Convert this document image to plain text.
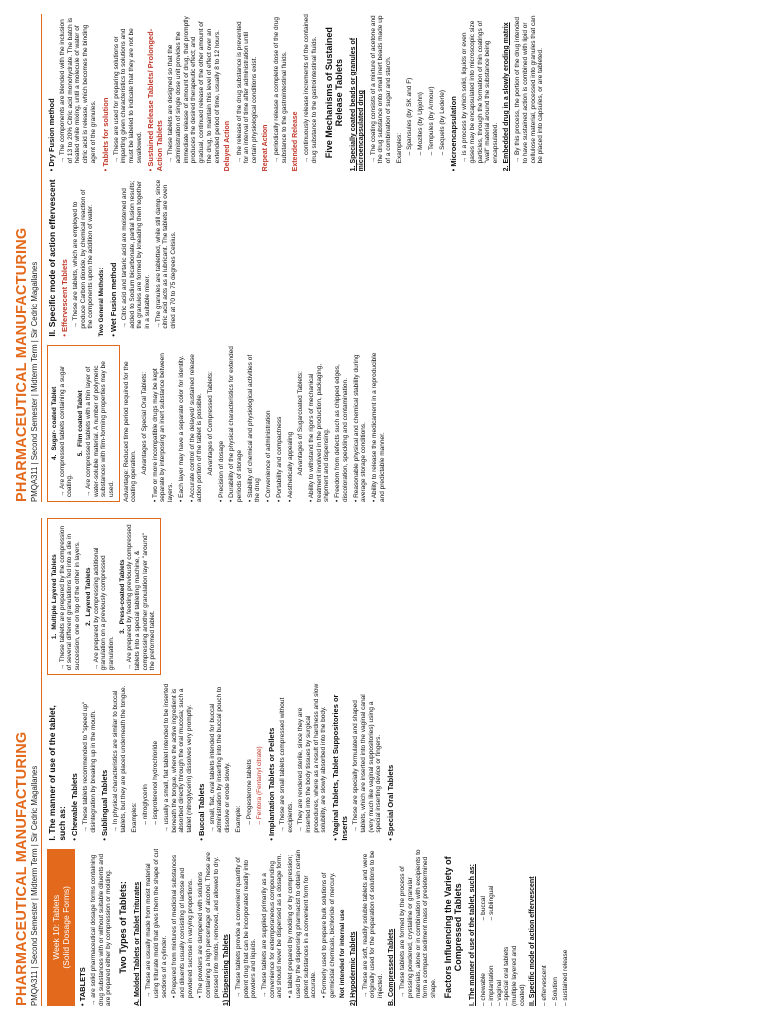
PHARMACEUTICAL MANUFACTURING PMQA311 | Second Semester | Midterm Term | Sir Cedric Magallanes	Week 10: Tablets
(Solid Dosage Forms)
• TABLETS → are solid pharmaceutical dosage forms containing drug substances with or without suitable diluents and are prepared either by compression or molding. Two Types of Tablets: A. Molded Tablets or Tablet Triturates → These are usually made from moist material using triturate mold that gives them the shape of cut sections of a cylinder. • Prepared from mixtures of medicinal substances and diluents usually consisting of lactose and powdered sucrose in varying proportions. • The powders are dampened with solutions containing a high percentage of alcohol. These are pressed into molds, removed, and allowed to dry. 1) Dispensing Tablets → These tablets provide a convenient quantity of potent drug that can be incorporated readily into powders and liquids. → These tablets are supplied primarily as a convenience for extemporaneous compounding and should never be dispensed as a dosage form. • a tablet prepared by molding or by compression; used by the dispensing pharmacist to obtain certain potent substances in a convenient form for accurate. • Formerly used to prepare bulk solutions of germicidal chemicals, bichloride of mercury. Not intended for internal use 2) Hypodermic Tablets → These are soft, readily soluble tablets and were originally used for the preparation of solutions to be injected. B. Compressed Tablets → These tablets are formed by the process of pressing powdered, crystalline or granular materials, alone or in combination with excipients to form a compact sediment mass of predetermined shape. Factors Influencing the Variety of Compressed Tablets I. The manner of use of the tablet, such as: – chewable – implantation – vaginal – special oral tablets (multiple layered and coated)
– buccal – sublingual	II. Specific mode of action effervescent – effervescent – Solution – sustained release
I. The manner of use of the tablet, such as: • Chewable Tablets → These tablets recommended to "speed up" disintegration by breaking up in the mouth. • Sublingual Tablets → In physical characteristics are similar to buccal tablets, but they are placed underneath the tongue. Examples: – nitroglycerin – isoproterenol hydrochloride → usually a small, flat tablet intended to be inserted beneath the tongue, where the active ingredient is absorbed directly through the oral mucosa; such a tablet (nitroglycerin) dissolves very promptly. • Buccal Tablets → small, flat, oval tablets intended for buccal administration by inserting into the buccal pouch to dissolve or erode slowly. Example: – Progesterone tablets – Fentora (Fentanyl citrate) • Implantation Tablets or Pellets → These are small tablets compressed without excipients. → They are rendered sterile, since they are inserted into the body tissues by surgical procedures, where as a result of hardness and slow solubility, are slowly absorbed into the body. • Vaginal Tablets, Tablet Suppositories or Inserts → These are specially formulated and shaped tablets, which are inserted into the vaginal canal (very much like vaginal suppositories) using a special inserting device or fingers. • Special Oral Tablets
1.
Multiple Layered Tablets → These tablets are prepared by the compression of several different granulations fed into a die in succession, one on top of the other in layers. 2.
Layered Tablets → Are prepared by compressing additional granulation on a previously compressed granulation.

3.
Press-coated Tablets → Are prepared by feeding previously compressed tablets into a special tableting machine, & compressing another granulation layer "around" the preformed tablet.

PHARMACEUTICAL MANUFACTURING PMQA311 | Second Semester | Midterm Term | Sir Cedric Magallanes	4.
Sugar- coated Tablet → Are compressed tablets containing a sugar coating.

5.
Film coated Tablet → Are compressed tablets with a thin layer of water-soluble material. A number of polymeric substances with film-forming properties may be used. Advantage: Reduced time period required for the coating operation.

Advantages of Special Oral Tablets: • Two or more incompatible drugs may be kept separate by interposing an inert substance between layers. • Each layer may have a separate color for identity. • Accurate control of the delayed/ sustained release action portion of the tablet is possible. Advantages of Compressed Tablets: • Precision of dosage • Durability of the physical characteristics for extended periods of storage • Stability of chemical and physiological activities of the drug • Convenience of administration • Portability and compactness • Aesthetically appealing Advantages of Sugarcoated Tablets: • Ability to withstand the rigors of mechanical treatment involved in the production, packaging, shipment and dispensing. • Freedom from defects such as chipped edges, discoloration, speckling and contamination. • Reasonable physical and chemical stability during average storage conditions. • Ability to release the medicament in a reproducible and predictable manner.

II. Specific mode of action effervescent • Effervescent Tablets → These are tablets, which are employed to produce Carbon dioxide, by chemical reaction of the components upon the addition of water. Two General Methods: • Wet Fusion method → Citric acid and tartaric acid are moistened and added to Sodium bicarbonate, partial fusion results; the granules are formed by kneading them together in a suitable mixer. →The granules are tabletted, while still damp, since citric acid acts as a lubricant. The tablets are oven dried at 70 to 75 degrees Celsius.

• Dry Fusion method → The components are blended with the inclusion of 13 to 20% Citric acid monohydrate. The batch is heated while mixing, until a molecule of water of citric acid is release, which becomes the binding agent of the granules. • Tablets for solution → These are used for preparing solutions or imparting given characteristics to solutions and must be labeled to indicate that they are not be swallowed. • Sustained Release Tablets/ Prolonged-Action Tablets → These tablets are designed so that the administration of single dose unit provides the immediate release of amount of drug, that promptly produces the desired therapeutic effect; and gradual, continued release of the other amount of the drug, to maintain this level of effect over an extended period of time, usually 8 to 12 hours. Delayed Action → the release of the drug substance is prevented for an interval of time after administration until certain physiological conditions exist. Repeat Action → periodically release a complete dose of the drug substance to the gastrointestinal fluids. Extended Release → continuously release increments of the contained drug substance to the gastrointestinal fluids. Five Mechanisms of Sustained Release Tablets 1. Specially coated beads or granules of microencapsulated drug → The coating consists of a mixture of acetone and the drug substance onto small inert beads made up of a combination of sugar and starch. Examples: – Spansules (by SK and F) – Mozites (by Upjohn) – Tempules (by Armour) – Sequels (by Lederle) • Microencapsulation → is a process by which solid, liquids or even gases may be encapsulated into microscopic size particles, through the formation of thin coatings of "wall" material around the substance being encapsulated. 2. Embedded drug in a slowly eroding matrix → By this process, the portion of the drug intended to have sustained action is combined with lipid or cellulose material, processed into granules that can be placed into capsules, or are tableted.
